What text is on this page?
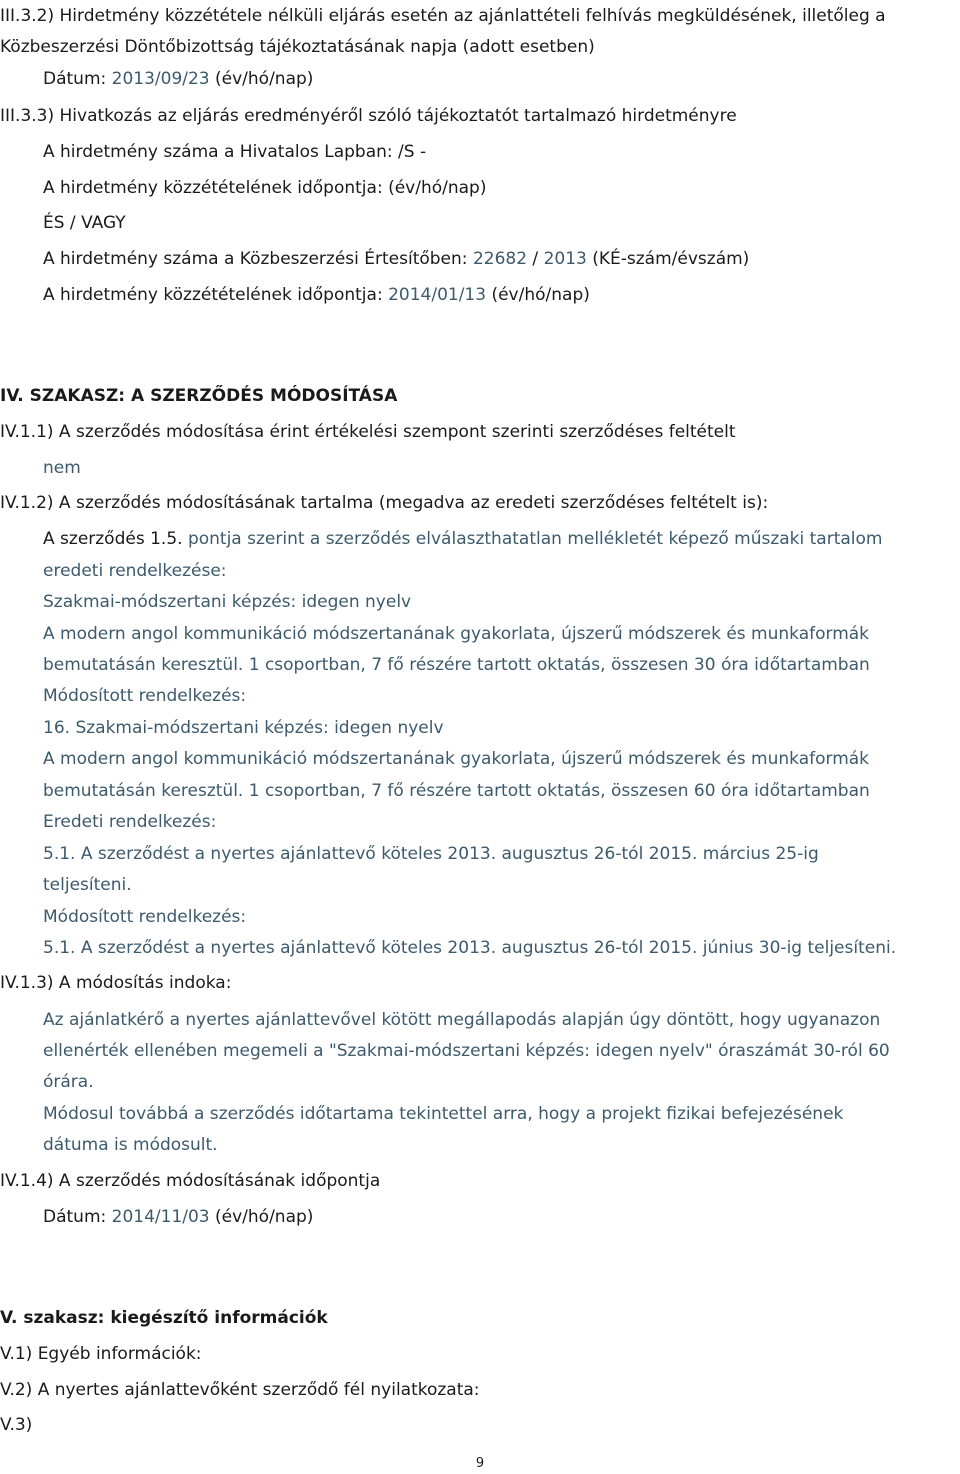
III.3.2) Hirdetmény közzététele nélküli eljárás esetén az ajánlattételi felhívás megküldésének, illetőleg a
Közbeszerzési Döntőbizottság tájékoztatásának napja (adott esetben)
Dátum: 2013/09/23 (év/hó/nap)
III.3.3) Hivatkozás az eljárás eredményéről szóló tájékoztatót tartalmazó hirdetményre
A hirdetmény száma a Hivatalos Lapban: /S -
A hirdetmény közzétételének időpontja: (év/hó/nap)
ÉS / VAGY
A hirdetmény száma a Közbeszerzési Értesítőben: 22682 / 2013 (KÉ-szám/évszám)
A hirdetmény közzétételének időpontja: 2014/01/13 (év/hó/nap)
IV. SZAKASZ: A SZERZŐDÉS MÓDOSÍTÁSA
IV.1.1) A szerződés módosítása érint értékelési szempont szerinti szerződéses feltételt
nem
IV.1.2) A szerződés módosításának tartalma (megadva az eredeti szerződéses feltételt is):
A szerződés 1.5. pontja szerint a szerződés elválaszthatatlan mellékletét képező műszaki tartalom
eredeti rendelkezése:
Szakmai-módszertani képzés: idegen nyelv
A modern angol kommunikáció módszertanának gyakorlata, újszerű módszerek és munkaformák
bemutatásán keresztül. 1 csoportban, 7 fő részére tartott oktatás, összesen 30 óra időtartamban
Módosított rendelkezés:
16. Szakmai-módszertani képzés: idegen nyelv
A modern angol kommunikáció módszertanának gyakorlata, újszerű módszerek és munkaformák
bemutatásán keresztül. 1 csoportban, 7 fő részére tartott oktatás, összesen 60 óra időtartamban
Eredeti rendelkezés:
5.1. A szerződést a nyertes ajánlattevő köteles 2013. augusztus 26-tól 2015. március 25-ig
teljesíteni.
Módosított rendelkezés:
5.1. A szerződést a nyertes ajánlattevő köteles 2013. augusztus 26-tól 2015. június 30-ig teljesíteni.
IV.1.3) A módosítás indoka:
Az ajánlatkérő a nyertes ajánlattevővel kötött megállapodás alapján úgy döntött, hogy ugyanazon
ellenérték ellenében megemeli a "Szakmai-módszertani képzés: idegen nyelv" óraszámát 30-ról 60
órára.
Módosul továbbá a szerződés időtartama tekintettel arra, hogy a projekt fizikai befejezésének
dátuma is módosult.
IV.1.4) A szerződés módosításának időpontja
Dátum: 2014/11/03 (év/hó/nap)
V. szakasz: kiegészítő információk
V.1) Egyéb információk:
V.2) A nyertes ajánlattevőként szerződő fél nyilatkozata:
V.3)
9
